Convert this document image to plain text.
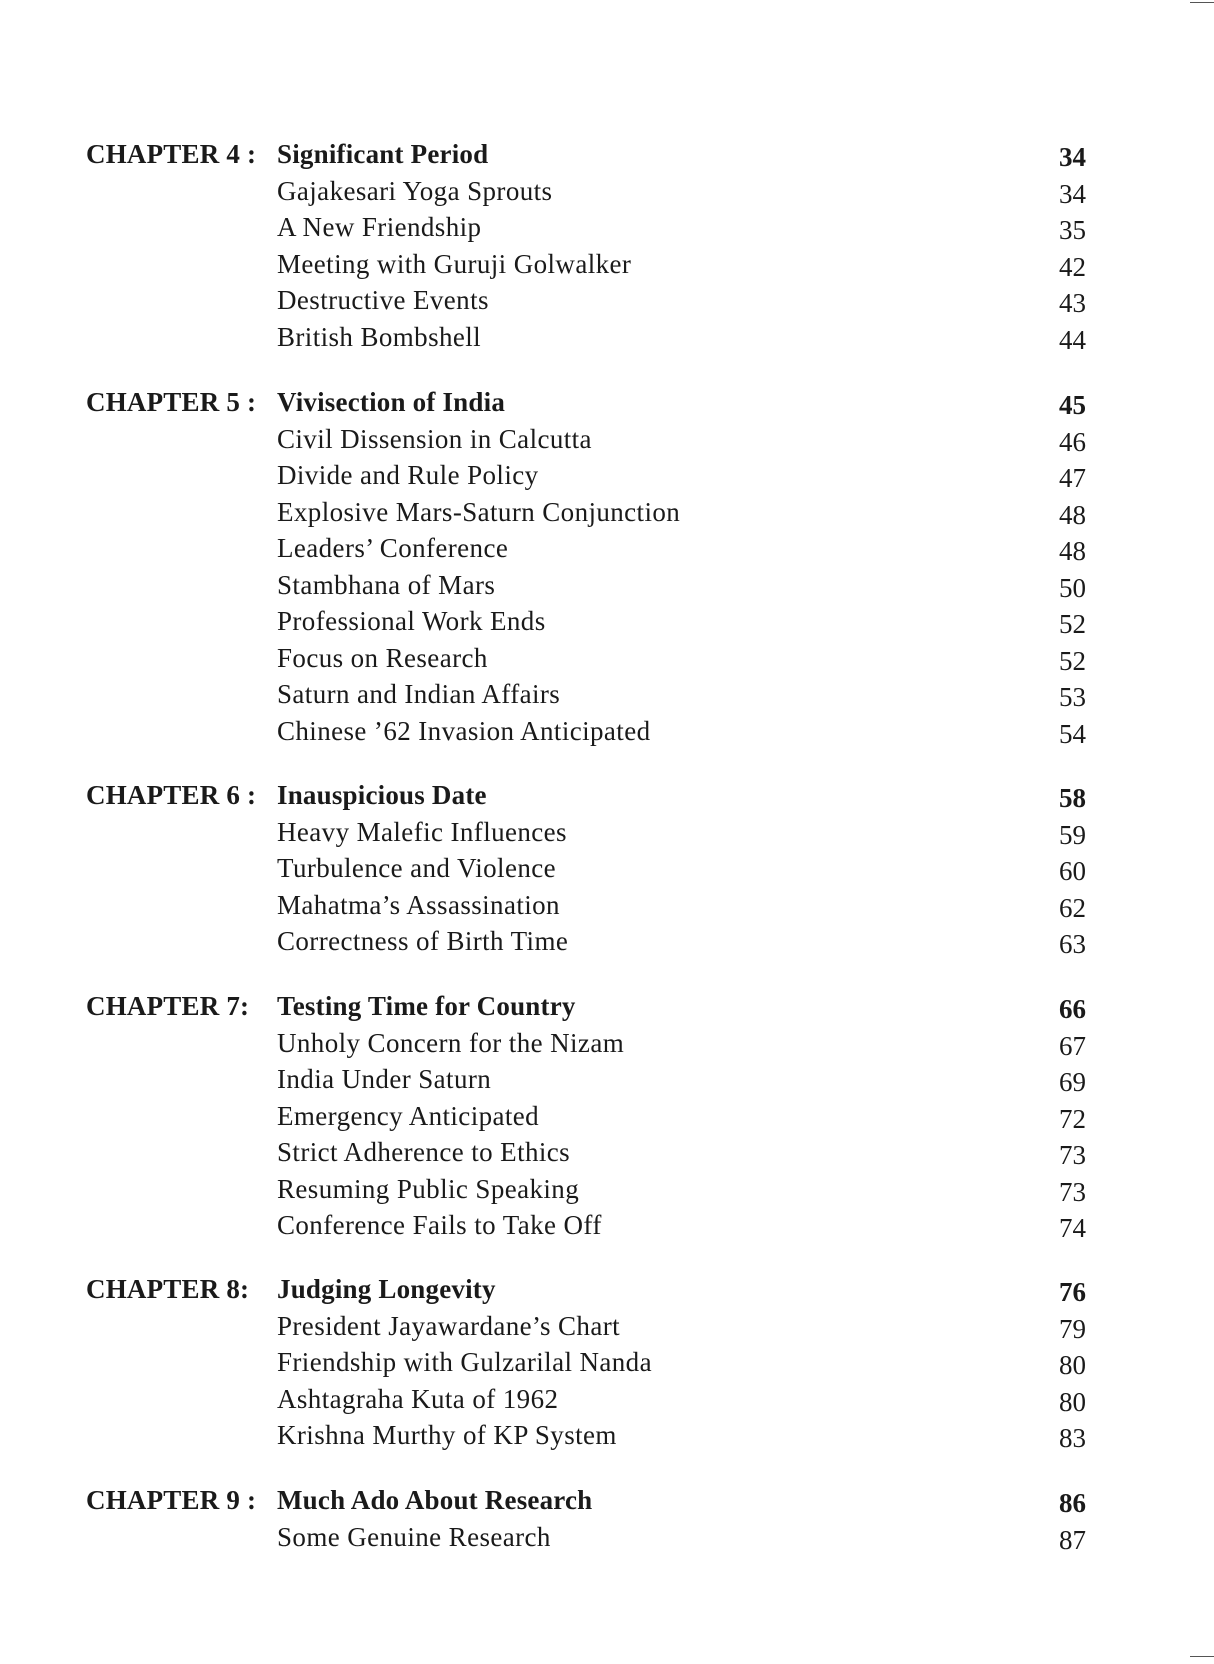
CHAPTER 4 : Significant Period	34
Gajakesari Yoga Sprouts	34
A New Friendship	35
Meeting with Guruji Golwalker	42
Destructive Events	43
British Bombshell	44
CHAPTER 5 : Vivisection of India	45
Civil Dissension in Calcutta	46
Divide and Rule Policy	47
Explosive Mars-Saturn Conjunction	48
Leaders’ Conference	48
Stambhana of Mars	50
Professional Work Ends	52
Focus on Research	52
Saturn and Indian Affairs	53
Chinese ’62 Invasion Anticipated	54
CHAPTER 6 : Inauspicious Date	58
Heavy Malefic Influences	59
Turbulence and Violence	60
Mahatma’s Assassination	62
Correctness of Birth Time	63
CHAPTER 7: Testing Time for Country	66
Unholy Concern for the Nizam	67
India Under Saturn	69
Emergency Anticipated	72
Strict Adherence to Ethics	73
Resuming Public Speaking	73
Conference Fails to Take Off	74
CHAPTER 8: Judging Longevity	76
President Jayawardane’s Chart	79
Friendship with Gulzarilal Nanda	80
Ashtagraha Kuta of 1962	80
Krishna Murthy of KP System	83
CHAPTER 9 : Much Ado About Research	86
Some Genuine Research	87
